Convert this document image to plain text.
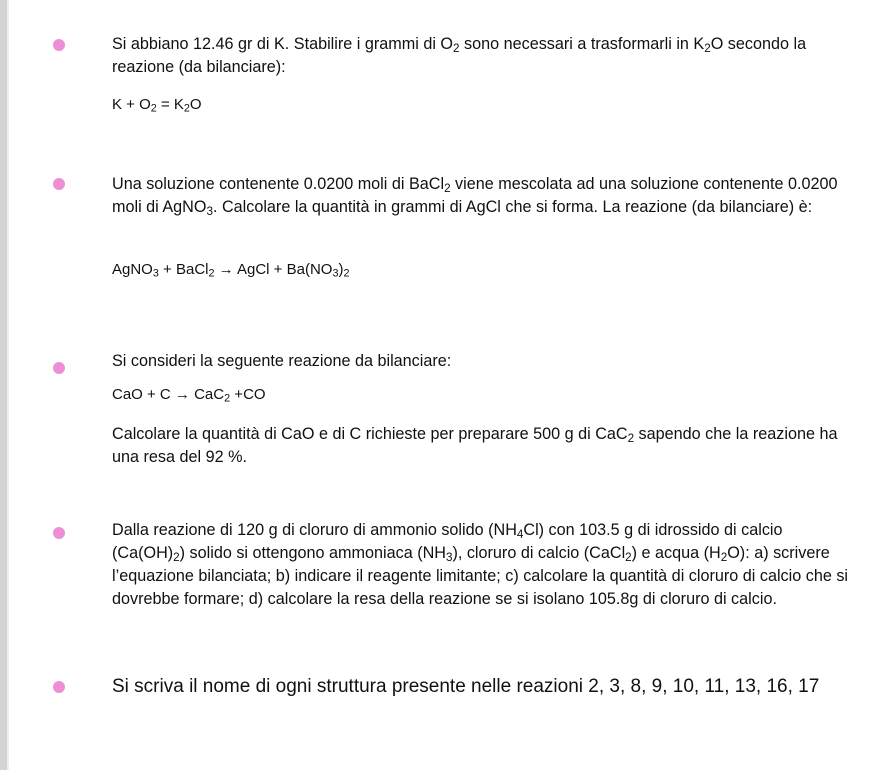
Si abbiano 12.46 gr di K. Stabilire i grammi di $O_2$ sono necessari a trasformarli in $K_2O$ secondo la reazione (da bilanciare):
$K + O_2 = K_2O$
Una soluzione contenente 0.0200 moli di BaCl$_2$ viene mescolata ad una soluzione contenente 0.0200 moli di AgNO$_3$. Calcolare la quantità in grammi di AgCl che si forma. La reazione (da bilanciare) è:
AgNO$_3$ + BaCl$_2$ → AgCl + $Ba(NO_3)_2$
Si consideri la seguente reazione da bilanciare:
CaO + C → CaC$_2$ +CO
Calcolare la quantità di CaO e di C richieste per preparare 500 g di CaC$_2$ sapendo che la reazione ha una resa del 92 %.
Dalla reazione di 120 g di cloruro di ammonio solido $(NH_4Cl)$ con 103.5 g di idrossido di calcio $(Ca(OH)_2)$ solido si ottengono ammoniaca $(NH_3)$, cloruro di calcio (CaCl$_2$) e acqua $(H_2O)$: a) scrivere l’equazione bilanciata; b) indicare il reagente limitante; c) calcolare la quantità di cloruro di calcio che si dovrebbe formare; d) calcolare la resa della reazione se si isolano 105.8g di cloruro di calcio.
Si scriva il nome di ogni struttura presente nelle reazioni 2, 3, 8, 9, 10, 11, 13, 16, 17
